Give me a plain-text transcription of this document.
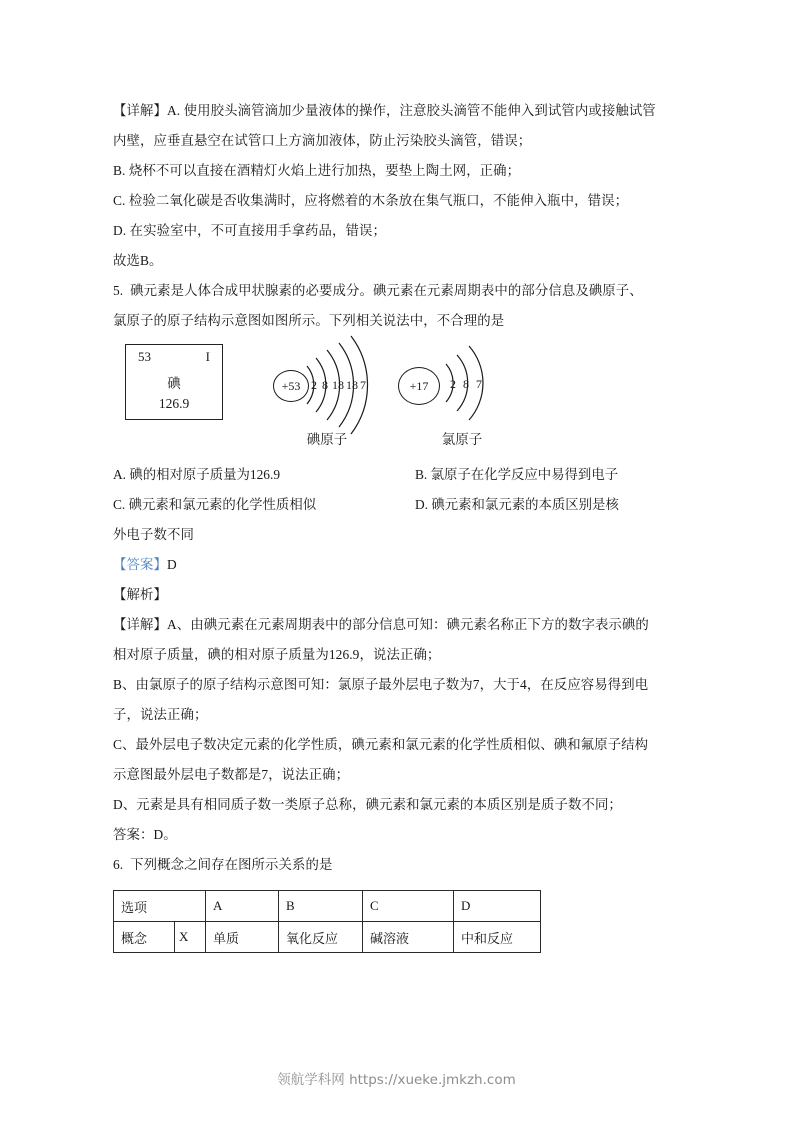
【详解】A. 使用胶头滴管滴加少量液体的操作，注意胶头滴管不能伸入到试管内或接触试管

内壁，应垂直悬空在试管口上方滴加液体，防止污染胶头滴管，错误；

B. 烧杯不可以直接在酒精灯火焰上进行加热，要垫上陶土网，正确；

C. 检验二氧化碳是否收集满时，应将燃着的木条放在集气瓶口，不能伸入瓶中，错误；

D. 在实验室中，不可直接用手拿药品，错误；

故选B。

5.  碘元素是人体合成甲状腺素的必要成分。碘元素在元素周期表中的部分信息及碘原子、

氯原子的原子结构示意图如图所示。下列相关说法中，不合理的是

53	I
碘
126.9
+53 2 8 18 18 7
碘原子
+17	2 8 7
氯原子
A. 碘的相对原子质量为126.9	B. 氯原子在化学反应中易得到电子
C. 碘元素和氯元素的化学性质相似	D. 碘元素和氯元素的本质区别是核

外电子数不同

【答案】D

【解析】

【详解】A、由碘元素在元素周期表中的部分信息可知：碘元素名称正下方的数字表示碘的

相对原子质量，碘的相对原子质量为126.9，说法正确；

B、由氯原子的原子结构示意图可知：氯原子最外层电子数为7，大于4，在反应容易得到电

子，说法正确；

C、最外层电子数决定元素的化学性质，碘元素和氯元素的化学性质相似、碘和氟原子结构

示意图最外层电子数都是7，说法正确；

D、元素是具有相同质子数一类原子总称，碘元素和氯元素的本质区别是质子数不同；

答案：D。

6.  下列概念之间存在图所示关系的是

选项		A	B	C	D
概念	X	单质	氧化反应	碱溶液	中和反应
领航学科网 https://xueke.jmkzh.com
